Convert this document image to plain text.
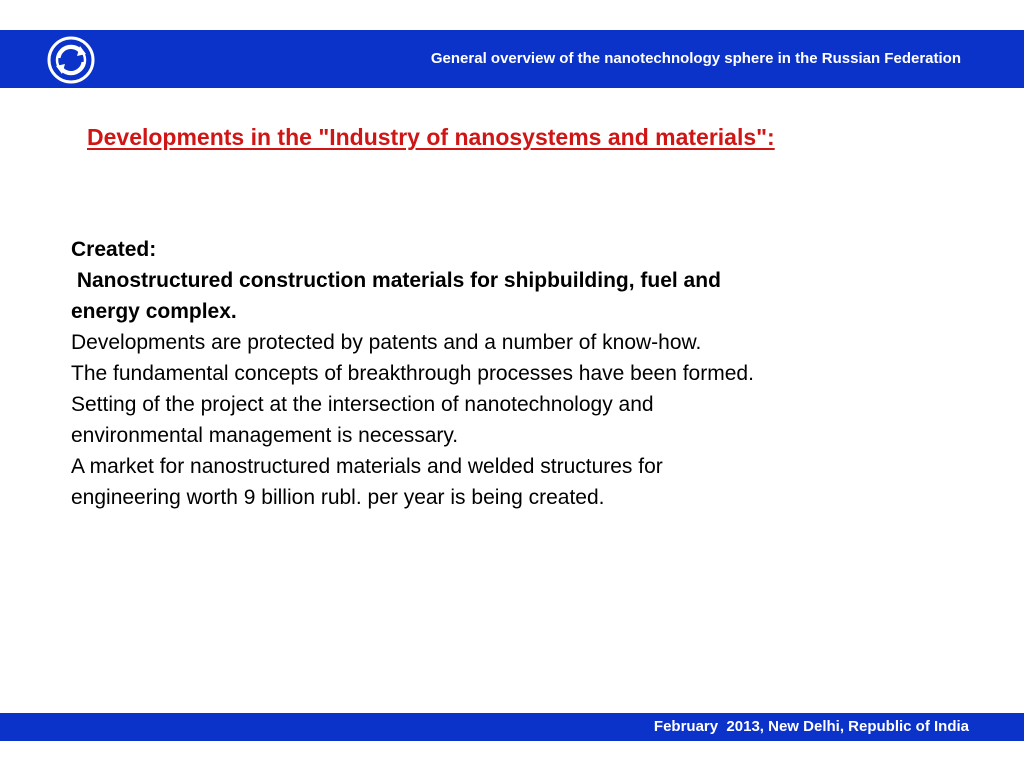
General overview of the nanotechnology sphere in the Russian Federation
Developments in the "Industry of nanosystems and materials":
Created:
Nanostructured construction materials for shipbuilding, fuel and
energy complex.
Developments are protected by patents and a number of know-how.
The fundamental concepts of breakthrough processes have been formed.
Setting of the project at the intersection of nanotechnology and
environmental management is necessary.
A market for nanostructured materials and welded structures for
engineering worth 9 billion rubl. per year is being created.
February  2013, New Delhi, Republic of India
